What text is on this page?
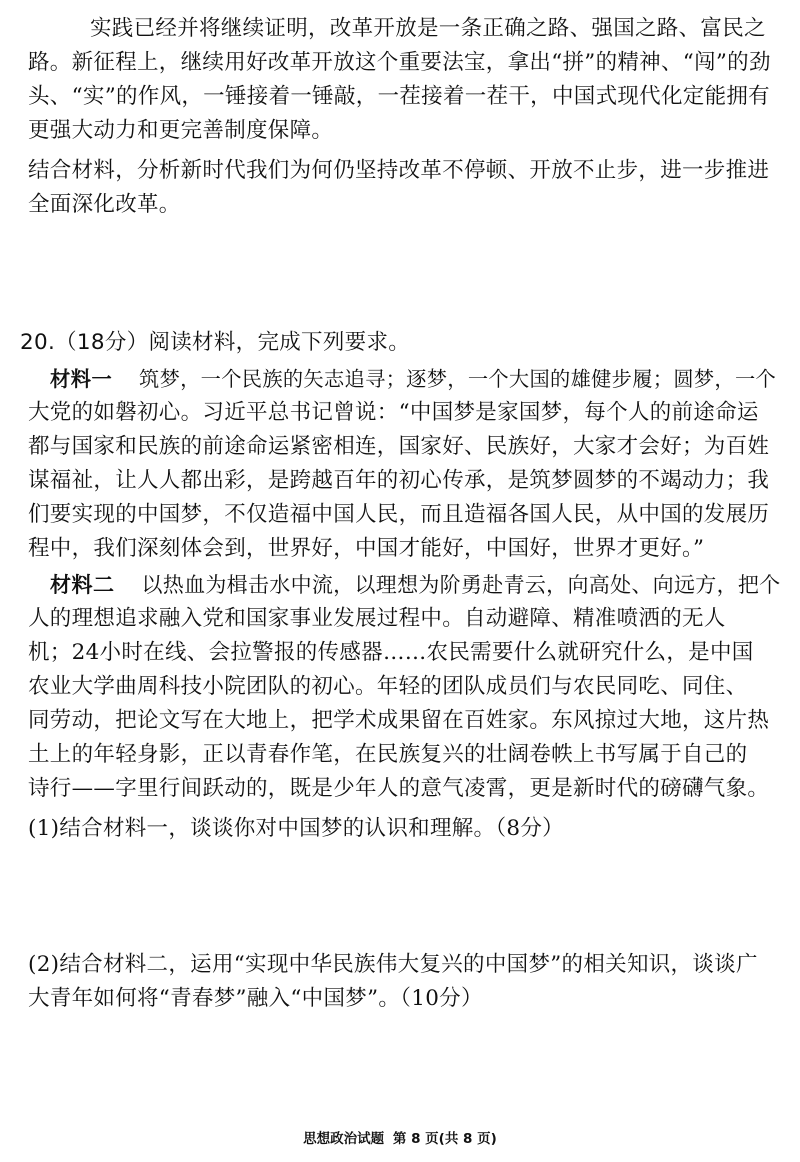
实践已经并将继续证明，改革开放是一条正确之路、强国之路、富民之
路。新征程上，继续用好改革开放这个重要法宝，拿出“拼”的精神、“闯”的劲
头、“实”的作风，一锤接着一锤敲，一茬接着一茬干，中国式现代化定能拥有
更强大动力和更完善制度保障。
结合材料，分析新时代我们为何仍坚持改革不停顿、开放不止步，进一步推进
全面深化改革。
20.（18分）阅读材料，完成下列要求。
材料一 筑梦，一个民族的矢志追寻；逐梦，一个大国的雄健步履；圆梦，一个
大党的如磐初心。习近平总书记曾说：“中国梦是家国梦，每个人的前途命运
都与国家和民族的前途命运紧密相连，国家好、民族好，大家才会好；为百姓
谋福祉，让人人都出彩，是跨越百年的初心传承，是筑梦圆梦的不竭动力；我
们要实现的中国梦，不仅造福中国人民，而且造福各国人民，从中国的发展历
程中，我们深刻体会到，世界好，中国才能好，中国好，世界才更好。”
材料二 以热血为楫击水中流，以理想为阶勇赴青云，向高处、向远方，把个
人的理想追求融入党和国家事业发展过程中。自动避障、精准喷洒的无人
机；24小时在线、会拉警报的传感器……农民需要什么就研究什么，是中国
农业大学曲周科技小院团队的初心。年轻的团队成员们与农民同吃、同住、
同劳动，把论文写在大地上，把学术成果留在百姓家。东风掠过大地，这片热
土上的年轻身影，正以青春作笔，在民族复兴的壮阔卷帙上书写属于自己的
诗行——字里行间跃动的，既是少年人的意气凌霄，更是新时代的磅礴气象。
(1)结合材料一，谈谈你对中国梦的认识和理解。（8分）
(2)结合材料二，运用“实现中华民族伟大复兴的中国梦”的相关知识，谈谈广
大青年如何将“青春梦”融入“中国梦”。（10分）
思想政治试题 第 8 页(共 8 页)
